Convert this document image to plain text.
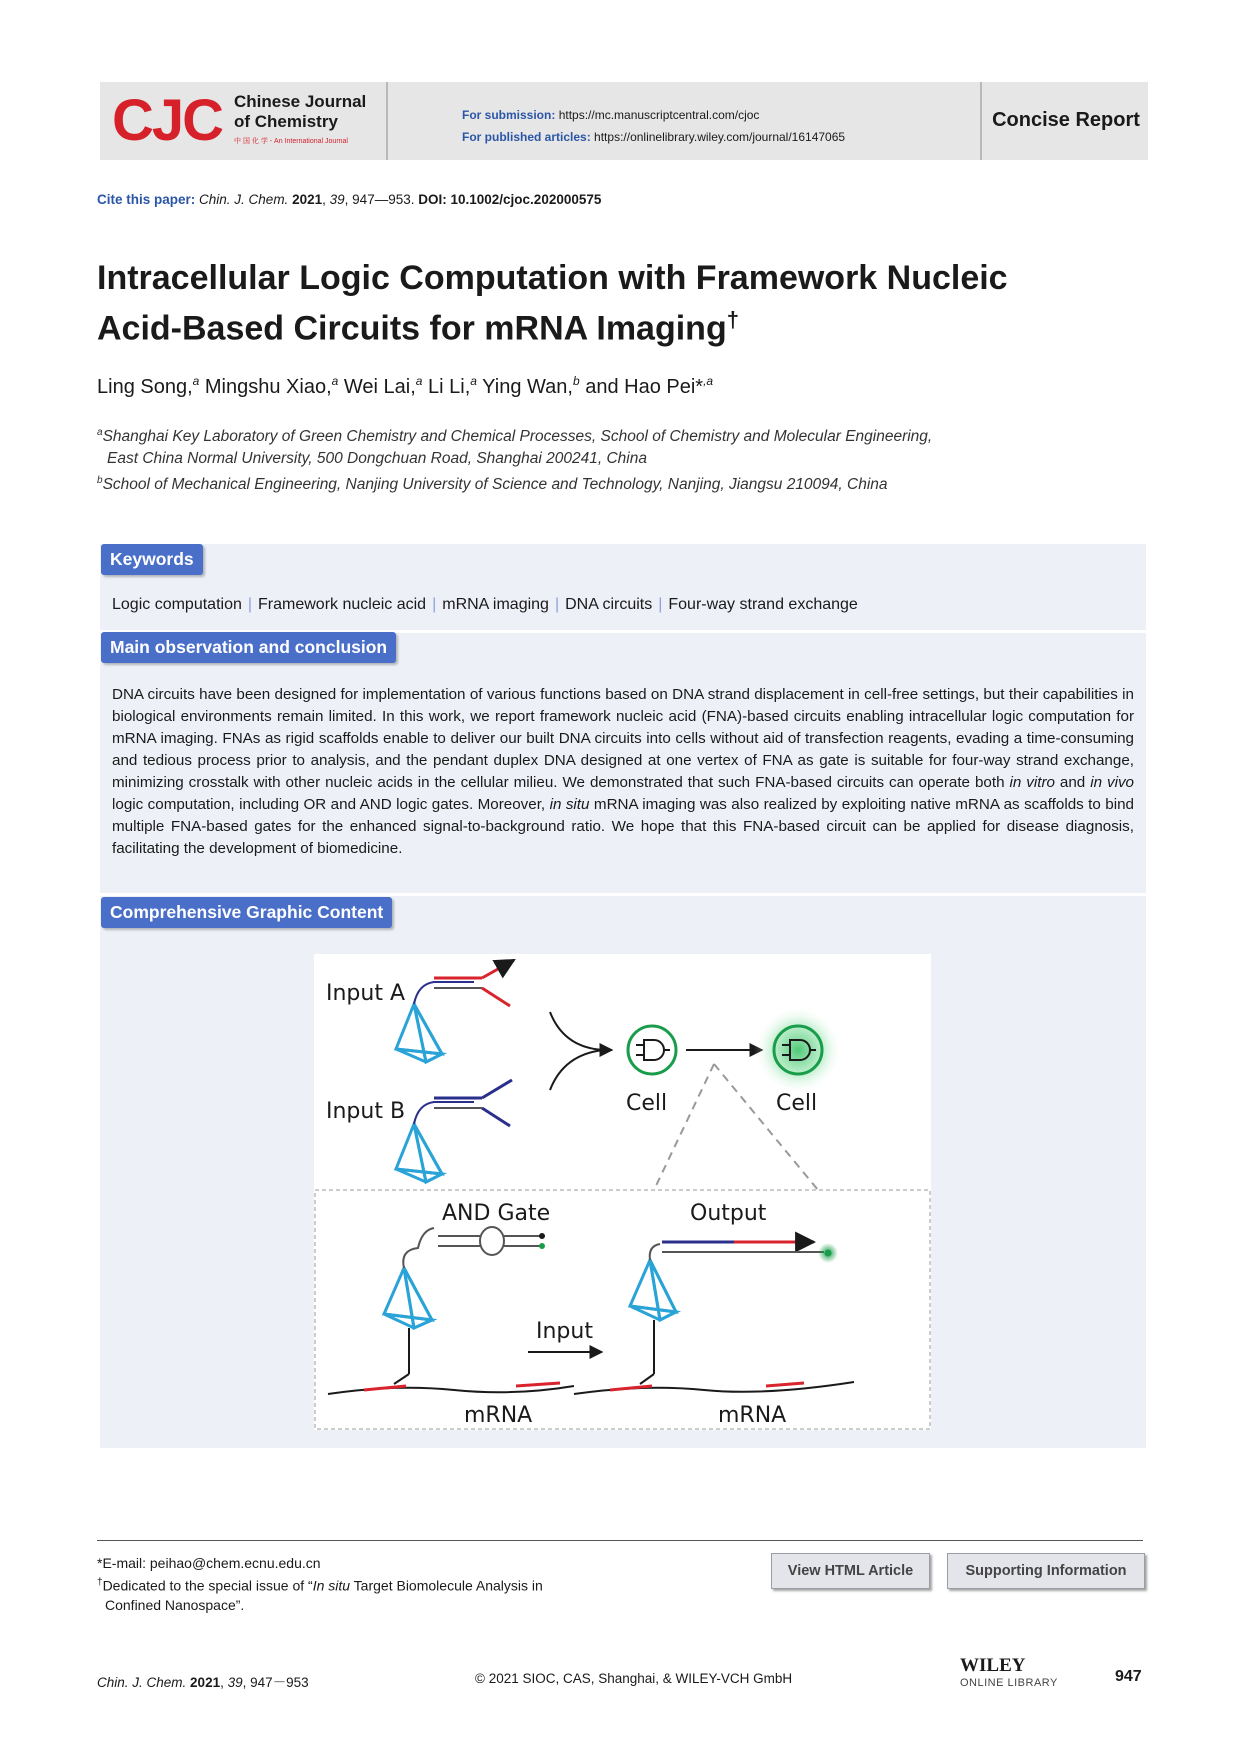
CJC Chinese Journal
of Chemistry
中 国 化 学 - An International Journal
For submission: https://mc.manuscriptcentral.com/cjoc
For published articles: https://onlinelibrary.wiley.com/journal/16147065
Concise Report
Cite this paper: Chin. J. Chem. 2021, 39, 947—953. DOI: 10.1002/cjoc.202000575
Intracellular Logic Computation with Framework Nucleic
Acid-Based Circuits for mRNA Imaging†
Ling Song,$^a$ Mingshu Xiao,$^a$ Wei Lai,$^a$ Li Li,$^a$ Ying Wan,$^b$ and Hao Pei*$^{,a}$
$^a$Shanghai Key Laboratory of Green Chemistry and Chemical Processes, School of Chemistry and Molecular Engineering,
East China Normal University, 500 Dongchuan Road, Shanghai 200241, China
$^b$School of Mechanical Engineering, Nanjing University of Science and Technology, Nanjing, Jiangsu 210094, China
Keywords
Logic computation | Framework nucleic acid | mRNA imaging | DNA circuits | Four-way strand exchange
Main observation and conclusion
DNA circuits have been designed for implementation of various functions based on DNA strand displacement in cell-free settings, but their capabilities in biological environments remain limited. In this work, we report framework nucleic acid (FNA)-based circuits enabling intracellular logic computation for mRNA imaging. FNAs as rigid scaffolds enable to deliver our built DNA circuits into cells without aid of transfection reagents, evading a time-consuming and tedious process prior to analysis, and the pendant duplex DNA designed at one vertex of FNA as gate is suitable for four-way strand exchange, minimizing crosstalk with other nucleic acids in the cellular milieu. We demonstrated that such FNA-based circuits can operate both in vitro and in vivo logic computation, including OR and AND logic gates. Moreover, in situ mRNA imaging was also realized by exploiting native mRNA as scaffolds to bind multiple FNA-based gates for the enhanced signal-to-background ratio. We hope that this FNA-based circuit can be applied for disease diagnosis, facilitating the development of biomedicine.
Comprehensive Graphic Content
Input A
Input B	Cell	Cell
AND Gate	Output
mRNA
Input
mRNA
*E-mail: peihao@chem.ecnu.edu.cn
†Dedicated to the special issue of “In situ Target Biomolecule Analysis in
Confined Nanospace”.
View HTML Article	Supporting Information
Chin. J. Chem. 2021, 39, 947－953	© 2021 SIOC, CAS, Shanghai, & WILEY-VCH GmbH
WILEY
ONLINE LIBRARY	947
